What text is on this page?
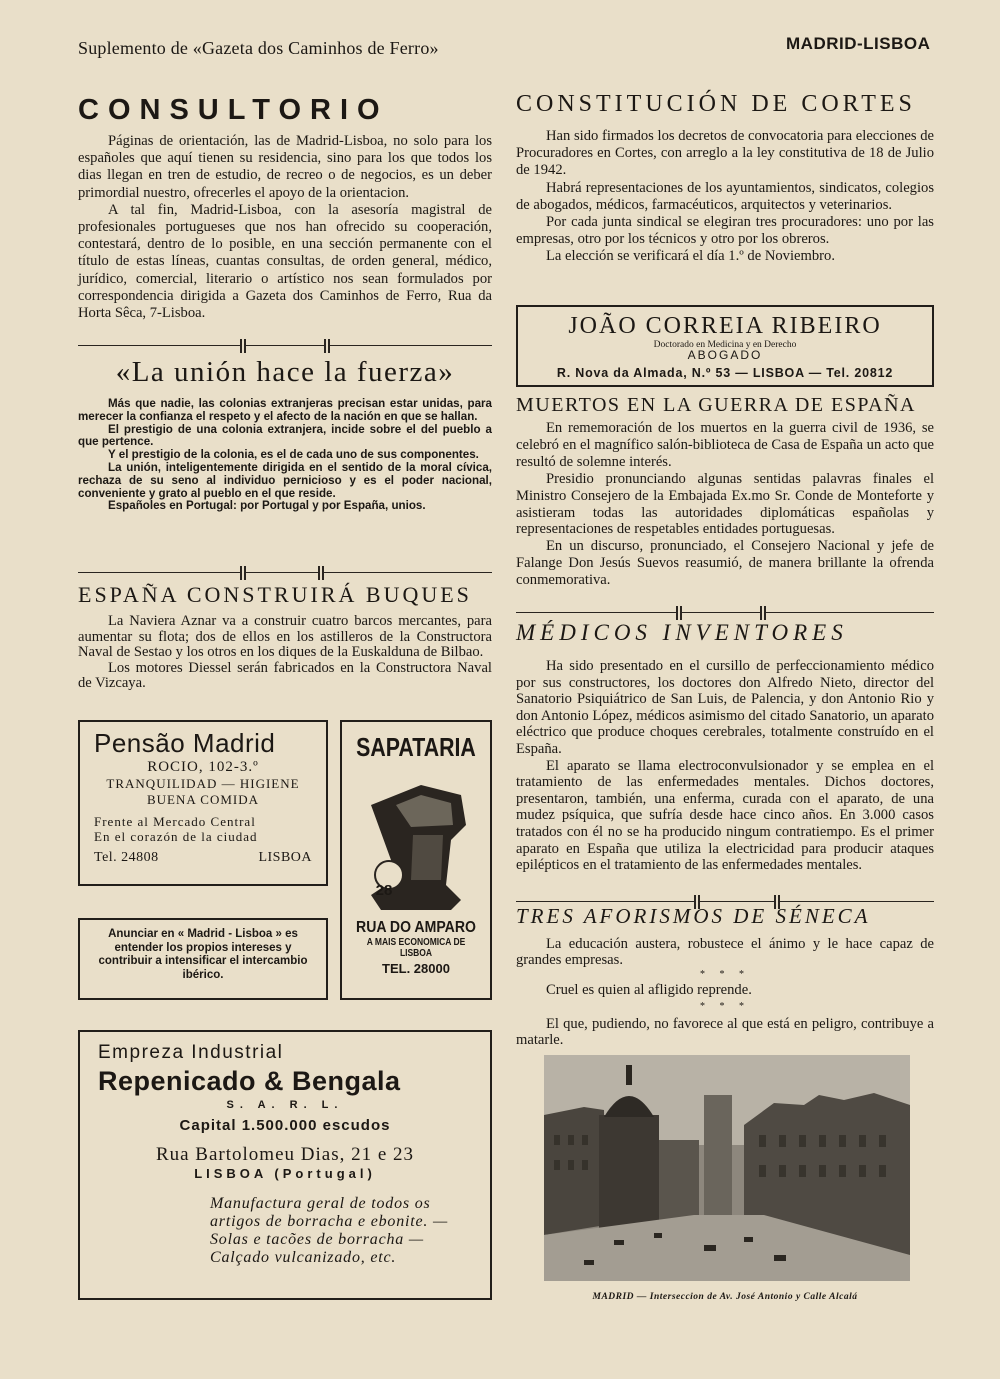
Suplemento de «Gazeta dos Caminhos de Ferro»	MADRID-LISBOA
CONSULTORIO

Páginas de orientación, las de Madrid-Lisboa, no solo para los españoles que aquí tienen su residencia, sino para los que todos los dias llegan en tren de estudio, de recreo o de negocios, es un deber primordial nuestro, ofrecerles el apoyo de la orientacion.

A tal fin, Madrid-Lisboa, con la asesoría magistral de profesionales portugueses que nos han ofrecido su cooperación, contestará, dentro de lo posible, en una sección permanente con el título de estas líneas, cuantas consultas, de orden general, médico, jurídico, comercial, literario o artístico nos sean formulados por correspondencia dirigida a Gazeta dos Caminhos de Ferro, Rua da Horta Sêca, 7-Lisboa.

«La unión hace la fuerza»

Más que nadie, las colonias extranjeras precisan estar unidas, para merecer la confianza el respeto y el afecto de la nación en que se hallan.

El prestigio de una colonia extranjera, incide sobre el del pueblo a que pertence.

Y el prestigio de la colonia, es el de cada uno de sus componentes.

La unión, inteligentemente dirigida en el sentido de la moral cívica, rechaza de su seno al individuo pernicioso y es el poder nacional, conveniente y grato al pueblo en el que reside.

Españoles en Portugal: por Portugal y por España, unios.

ESPAÑA CONSTRUIRÁ BUQUES

La Naviera Aznar va a construir cuatro barcos mercantes, para aumentar su flota; dos de ellos en los astilleros de la Constructora Naval de Sestao y los otros en los diques de la Euskalduna de Bilbao.

Los motores Diessel serán fabricados en la Constructora Naval de Vizcaya.

Pensão Madrid
ROCIO, 102-3.º
TRANQUILIDAD — HIGIENE
BUENA COMIDA
Frente al Mercado Central
En el corazón de la ciudad
Tel. 24808	LISBOA
Anunciar en « Madrid - Lisboa » es entender los propios intereses y contribuir a intensificar el intercambio ibérico.
SAPATARIA
28
RUA DO AMPARO
A MAIS ECONOMICA DE LISBOA
TEL. 28000
Empreza Industrial
Repenicado & Bengala
S. A. R. L.
Capital 1.500.000 escudos
Rua Bartolomeu Dias, 21 e 23
LISBOA (Portugal)
Manufactura geral de todos os
artigos de borracha e ebonite. —
Solas e tacões de borracha —
Calçado vulcanizado, etc.
CONSTITUCIÓN DE CORTES

Han sido firmados los decretos de convocatoria para elecciones de Procuradores en Cortes, con arreglo a la ley constitutiva de 18 de Julio de 1942.

Habrá representaciones de los ayuntamientos, sindicatos, colegios de abogados, médicos, farmacéuticos, arquitectos y veterinarios.

Por cada junta sindical se elegiran tres procuradores: uno por las empresas, otro por los técnicos y otro por los obreros.

La elección se verificará el día 1.º de Noviembro.

JOÃO CORREIA RIBEIRO
Doctorado en Medicina y en Derecho
ABOGADO
R. Nova da Almada, N.º 53 — LISBOA — Tel. 20812
MUERTOS EN LA GUERRA DE ESPAÑA

En rememoración de los muertos en la guerra civil de 1936, se celebró en el magnífico salón-biblioteca de Casa de España un acto que resultó de solemne interés.

Presidio pronunciando algunas sentidas palavras finales el Ministro Consejero de la Embajada Ex.mo Sr. Conde de Monteforte y asistieram todas las autoridades diplomáticas españolas y representaciones de respetables entidades portuguesas.

En un discurso, pronunciado, el Consejero Nacional y jefe de Falange Don Jesús Suevos reasumió, de manera brillante la ofrenda conmemorativa.

MÉDICOS INVENTORES

Ha sido presentado en el cursillo de perfeccionamiento médico por sus constructores, los doctores don Alfredo Nieto, director del Sanatorio Psiquiátrico de San Luis, de Palencia, y don Antonio Rio y don Antonio López, médicos asimismo del citado Sanatorio, un aparato eléctrico que produce choques cerebrales, totalmente construído en el España.

El aparato se llama electroconvulsionador y se emplea en el tratamiento de las enfermedades mentales. Dichos doctores, presentaron, también, una enferma, curada con el aparato, de una mudez psíquica, que sufría desde hace cinco años. En 3.000 casos tratados con él no se ha producido ningum contratiempo. Es el primer aparato en España que utiliza la electricidad para producir ataques epilépticos en el tratamiento de las enfermedades mentales.

TRES AFORISMOS DE SÉNECA

La educación austera, robustece el ánimo y le hace capaz de grandes empresas.

* * *

Cruel es quien al afligido reprende.

* * *

El que, pudiendo, no favorece al que está en peligro, contribuye a matarle.

MADRID — Interseccion de Av. José Antonio y Calle Alcalá
